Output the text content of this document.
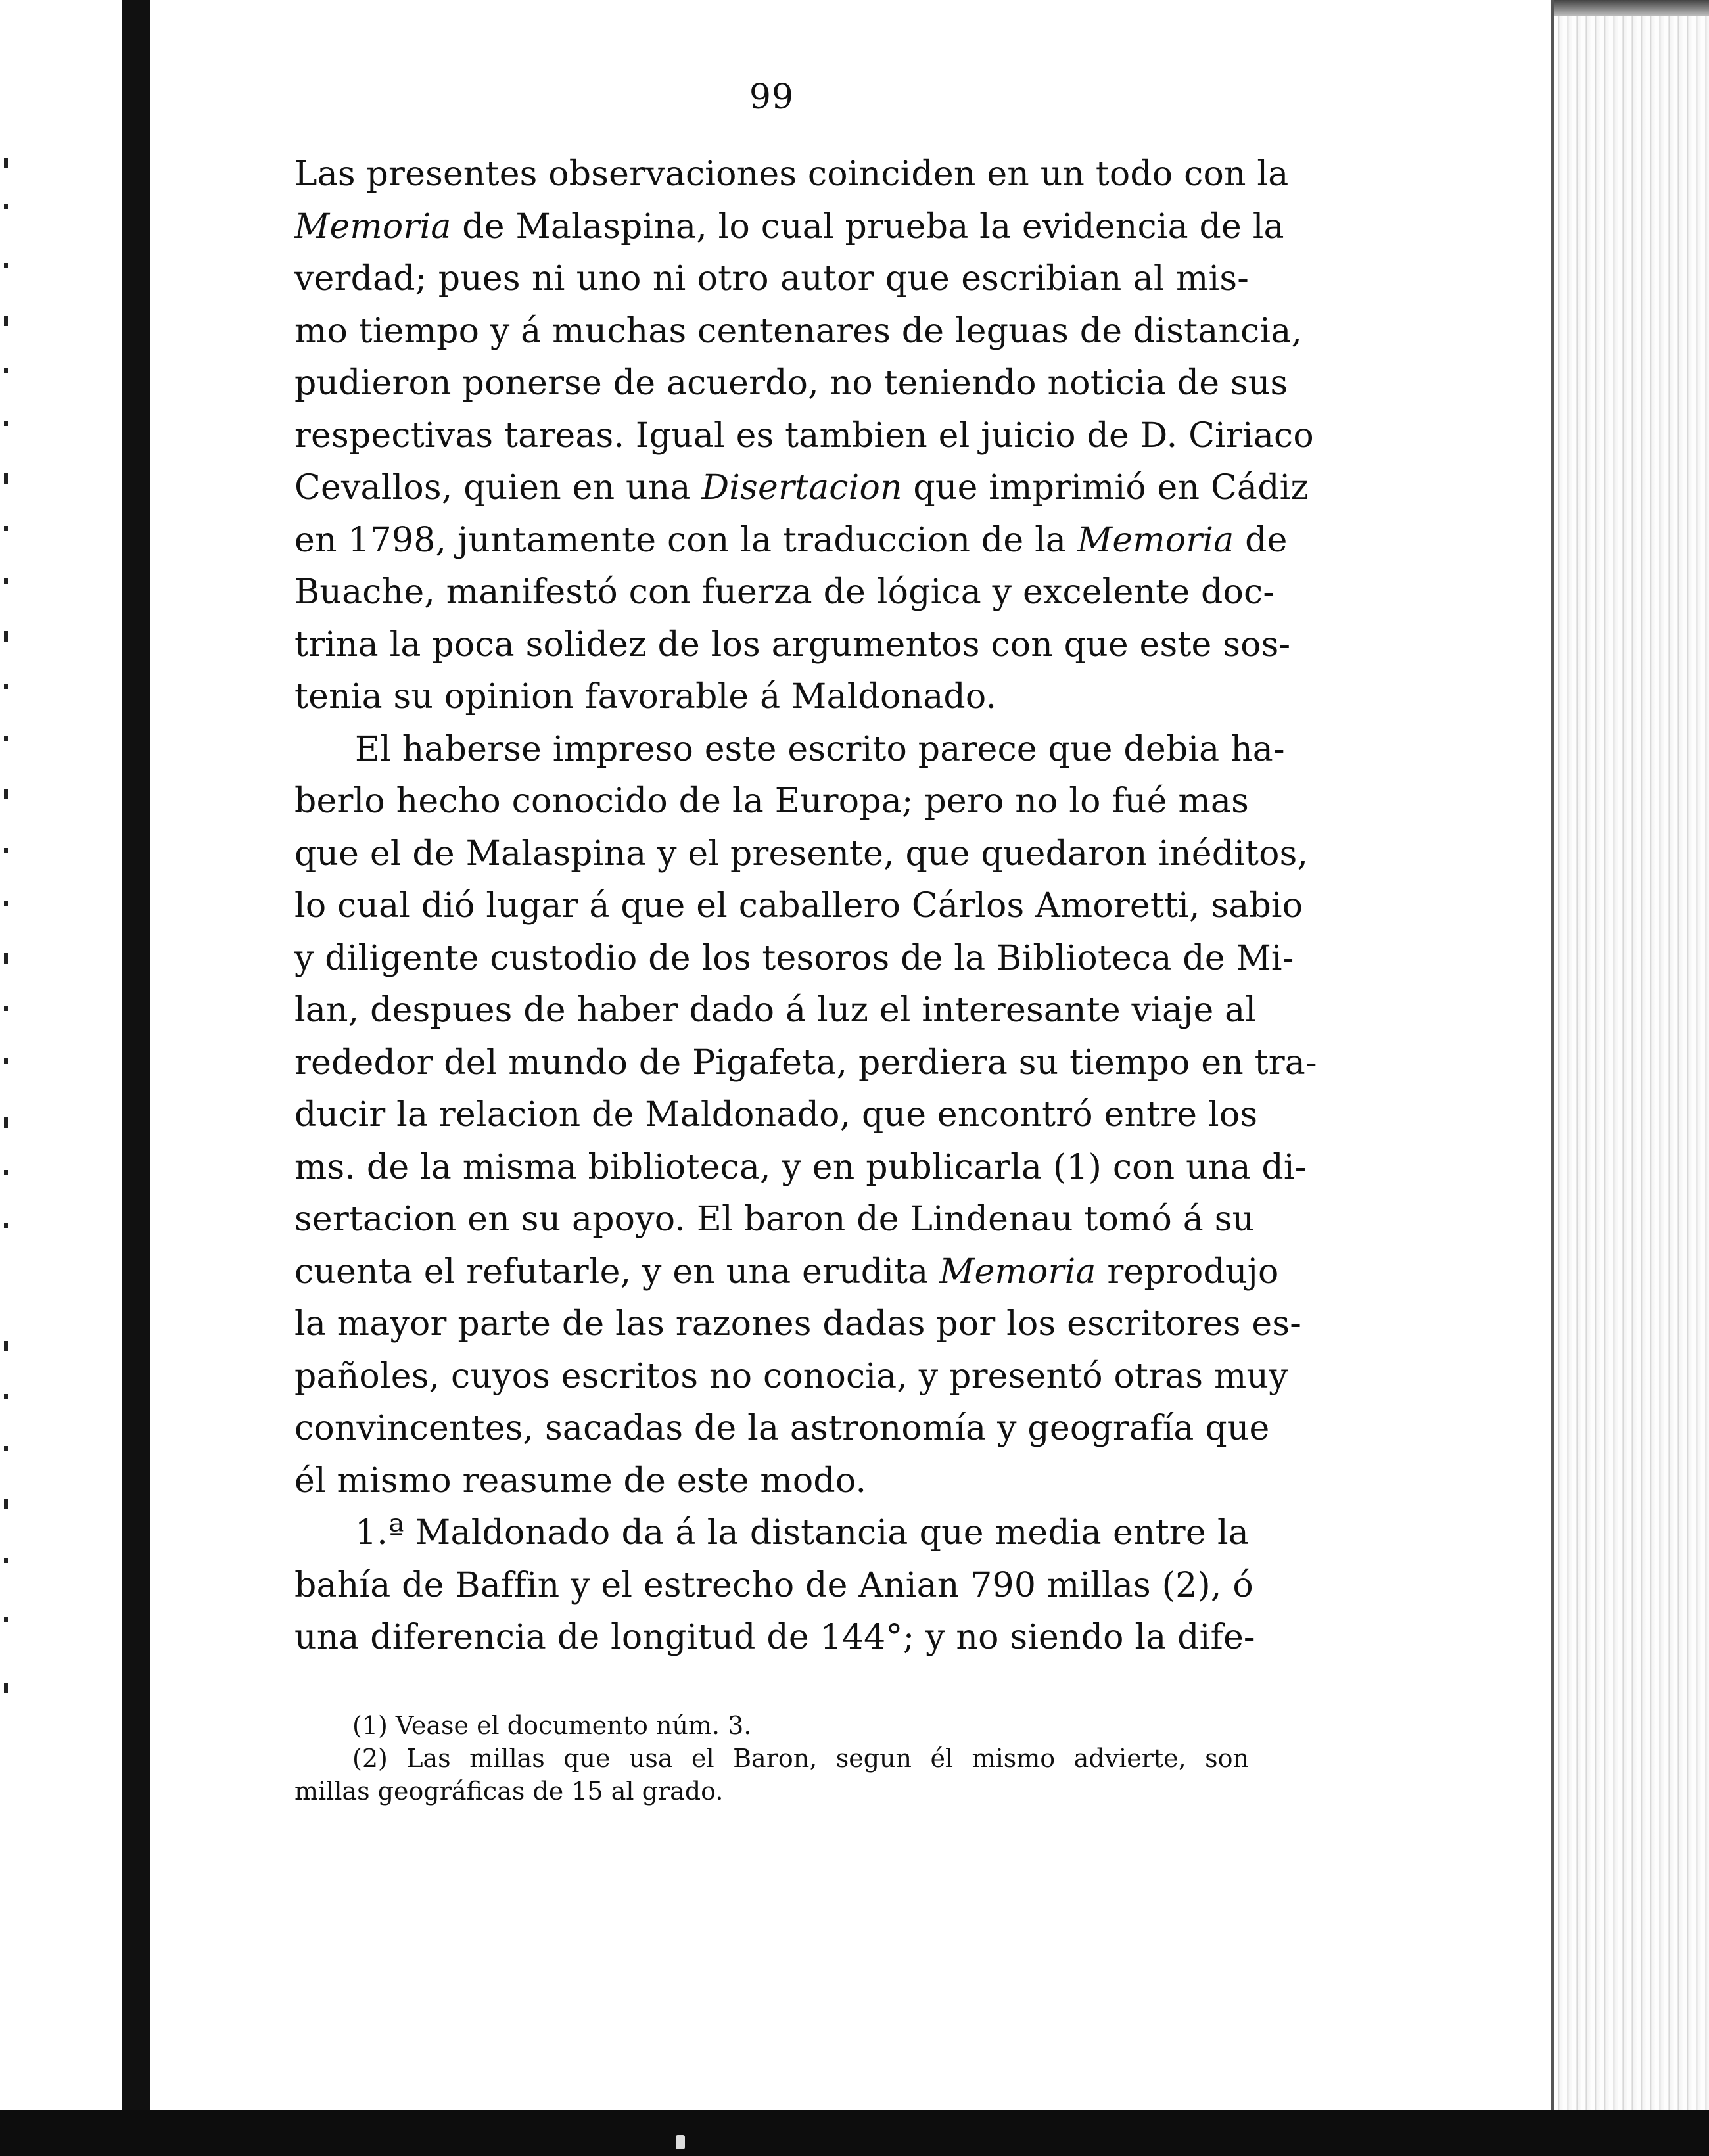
99
Las presentes observaciones coinciden en un todo con la
Memoria de Malaspina, lo cual prueba la evidencia de la
verdad; pues ni uno ni otro autor que escribian al mis-
mo tiempo y á muchas centenares de leguas de distancia,
pudieron ponerse de acuerdo, no teniendo noticia de sus
respectivas tareas. Igual es tambien el juicio de D. Ciriaco
Cevallos, quien en una Disertacion que imprimió en Cádiz
en 1798, juntamente con la traduccion de la Memoria de
Buache, manifestó con fuerza de lógica y excelente doc-
trina la poca solidez de los argumentos con que este sos-
tenia su opinion favorable á Maldonado.
El haberse impreso este escrito parece que debia ha-
berlo hecho conocido de la Europa; pero no lo fué mas
que el de Malaspina y el presente, que quedaron inéditos,
lo cual dió lugar á que el caballero Cárlos Amoretti, sabio
y diligente custodio de los tesoros de la Biblioteca de Mi-
lan, despues de haber dado á luz el interesante viaje al
rededor del mundo de Pigafeta, perdiera su tiempo en tra-
ducir la relacion de Maldonado, que encontró entre los
ms. de la misma biblioteca, y en publicarla (1) con una di-
sertacion en su apoyo. El baron de Lindenau tomó á su
cuenta el refutarle, y en una erudita Memoria reprodujo
la mayor parte de las razones dadas por los escritores es-
pañoles, cuyos escritos no conocia, y presentó otras muy
convincentes, sacadas de la astronomía y geografía que
él mismo reasume de este modo.
1.ª Maldonado da á la distancia que media entre la
bahía de Baffin y el estrecho de Anian 790 millas (2), ó
una diferencia de longitud de 144°; y no siendo la dife-
(1) Vease el documento núm. 3.
(2) Las millas que usa el Baron, segun él mismo advierte, son
millas geográficas de 15 al grado.
